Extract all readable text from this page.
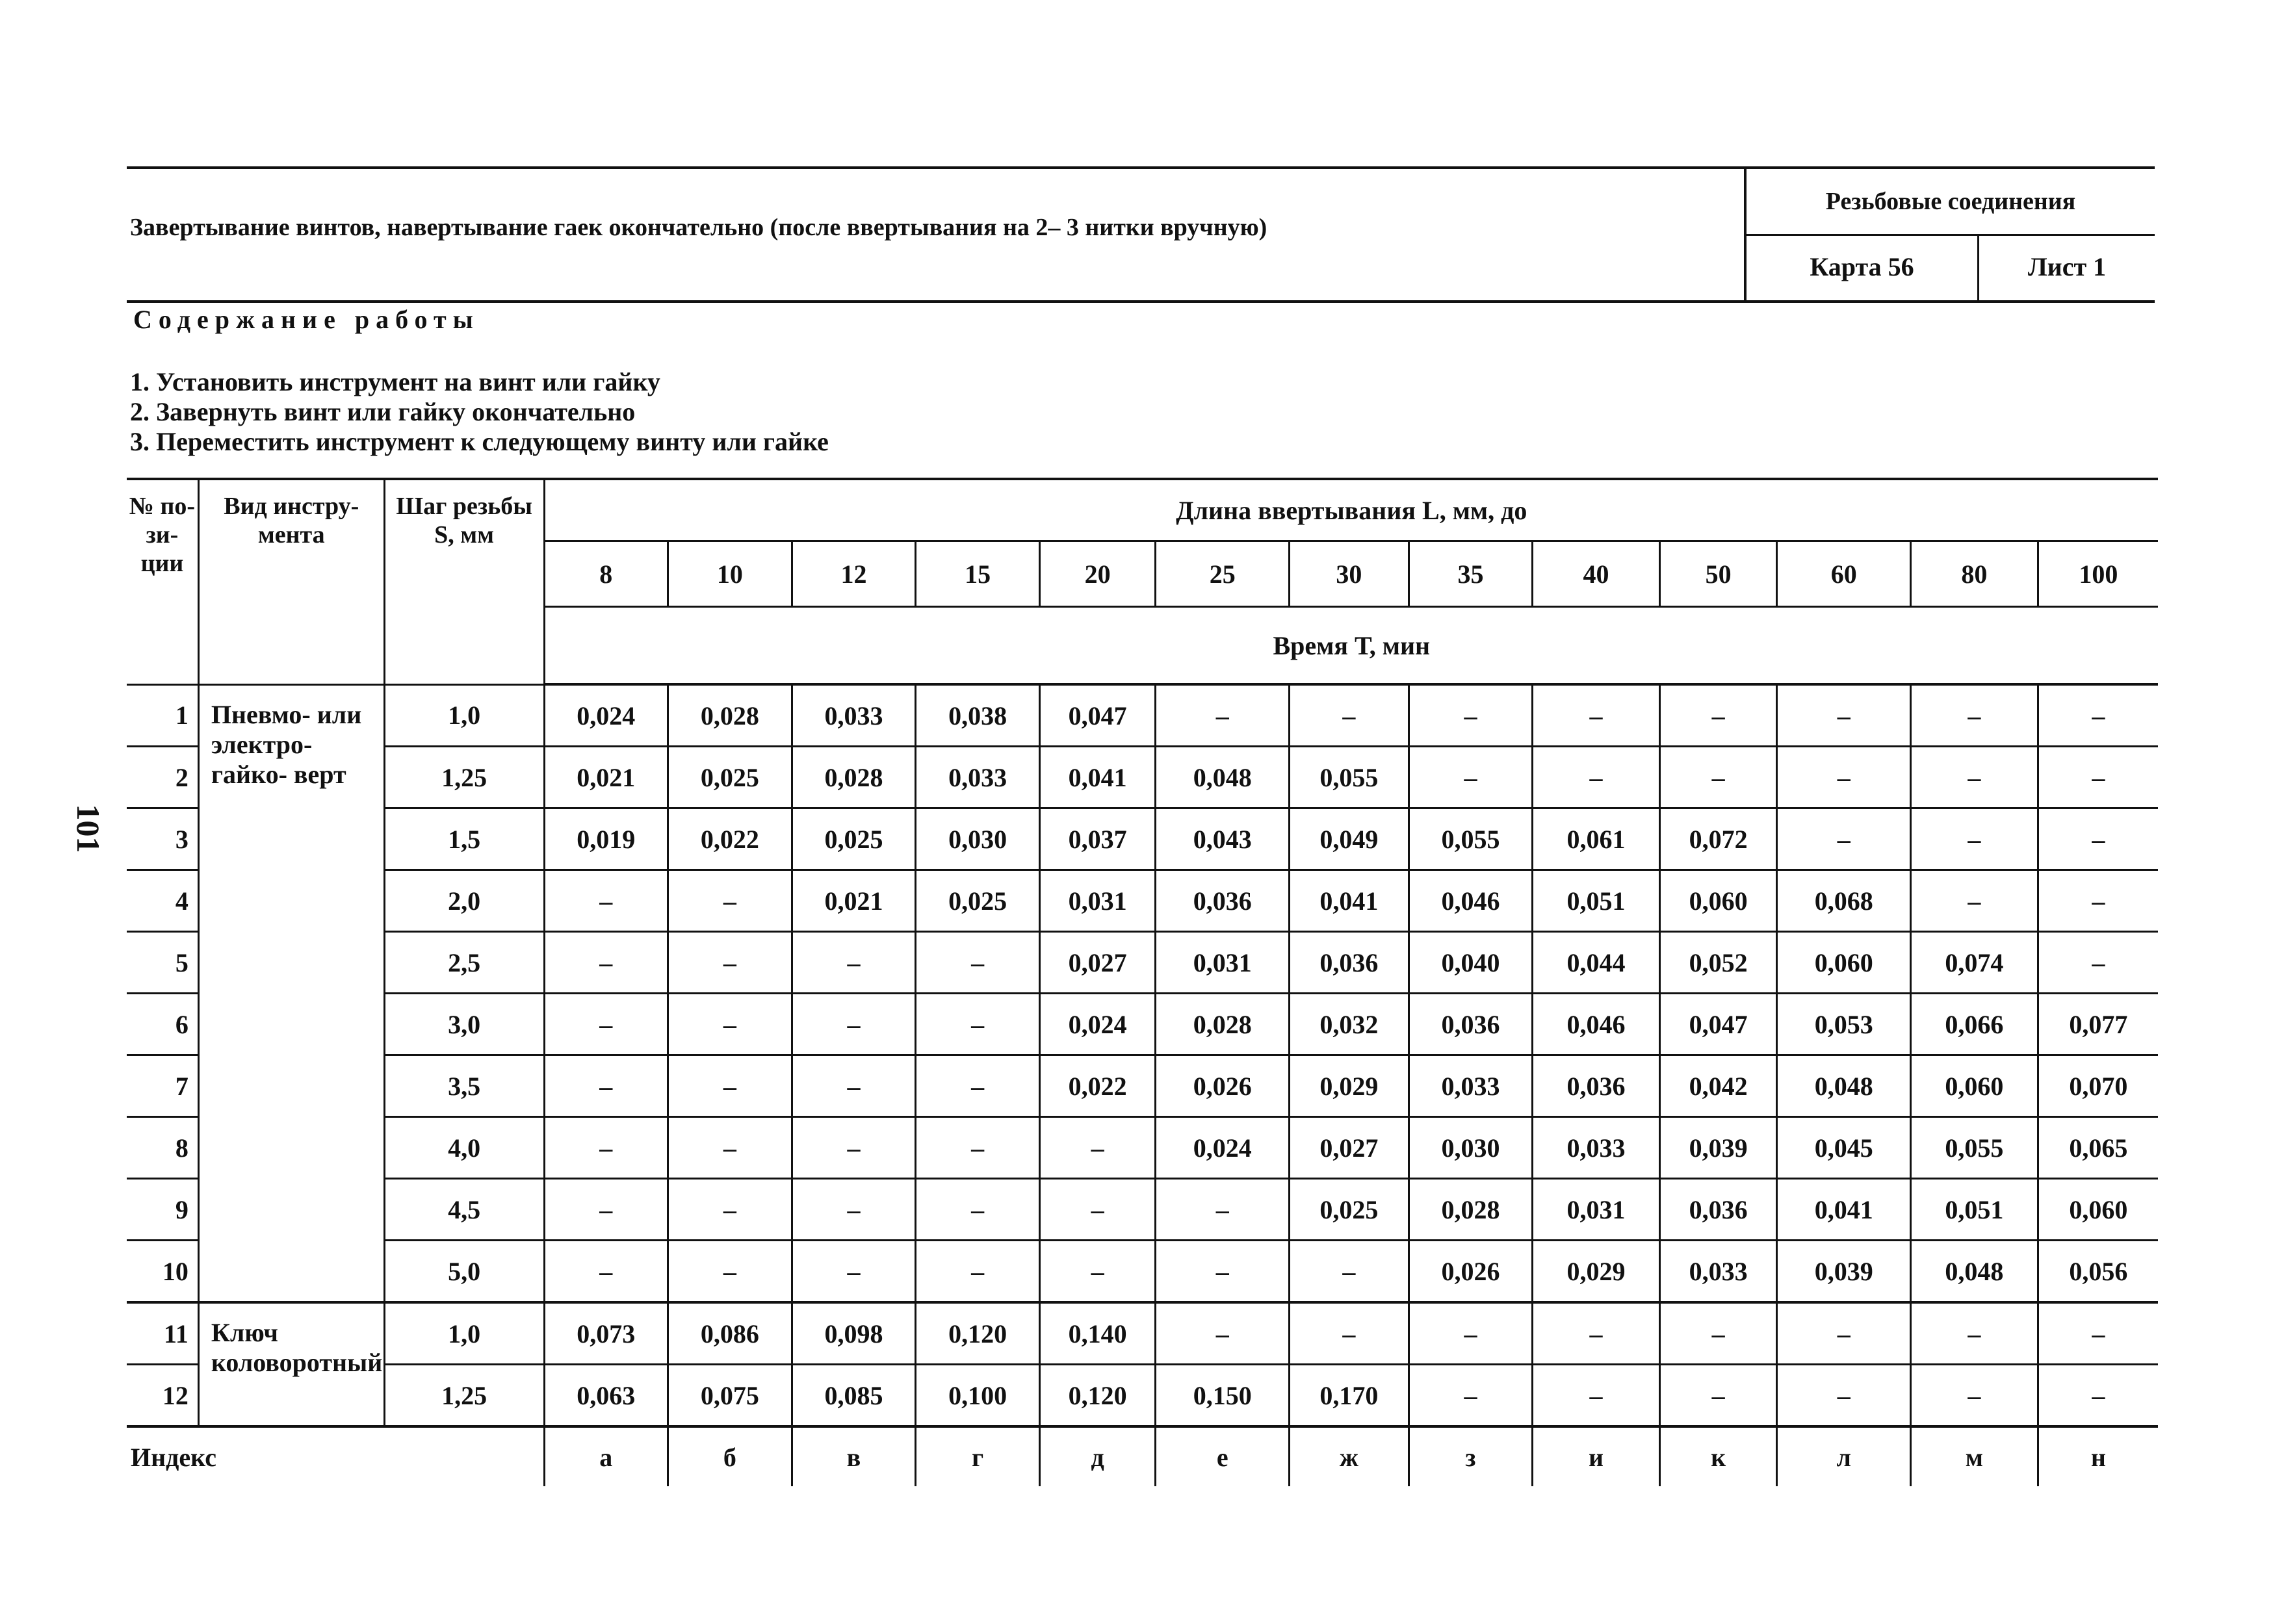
101
Завертывание винтов, навертывание гаек окончательно (после ввертывания на 2– 3 нитки вручную)
Резьбовые соединения
Карта 56	Лист 1
Содержание работы
1. Установить инструмент на винт или гайку
2. Завернуть винт или гайку окончательно
3. Переместить инструмент к следующему винту или гайке
№ по- зи- ции	Вид инстру- мента	Шаг резьбы S, мм	Длина ввертывания L, мм, до												
			8	10	12	15	20	25	30	35	40	50	60	80	100
			Время Т, мин												
1	Пневмо- или электро- гайко- верт	1,0	0,024	0,028	0,033	0,038	0,047	–	–	–	–	–	–	–	–
2		1,25	0,021	0,025	0,028	0,033	0,041	0,048	0,055	–	–	–	–	–	–
3		1,5	0,019	0,022	0,025	0,030	0,037	0,043	0,049	0,055	0,061	0,072	–	–	–
4		2,0	–	–	0,021	0,025	0,031	0,036	0,041	0,046	0,051	0,060	0,068	–	–
5		2,5	–	–	–	–	0,027	0,031	0,036	0,040	0,044	0,052	0,060	0,074	–
6		3,0	–	–	–	–	0,024	0,028	0,032	0,036	0,046	0,047	0,053	0,066	0,077
7		3,5	–	–	–	–	0,022	0,026	0,029	0,033	0,036	0,042	0,048	0,060	0,070
8		4,0	–	–	–	–	–	0,024	0,027	0,030	0,033	0,039	0,045	0,055	0,065
9		4,5	–	–	–	–	–	–	0,025	0,028	0,031	0,036	0,041	0,051	0,060
10		5,0	–	–	–	–	–	–	–	0,026	0,029	0,033	0,039	0,048	0,056
11	Ключ коловоротный	1,0	0,073	0,086	0,098	0,120	0,140	–	–	–	–	–	–	–	–
12		1,25	0,063	0,075	0,085	0,100	0,120	0,150	0,170	–	–	–	–	–	–
Индекс			а	б	в	г	д	е	ж	з	и	к	л	м	н
